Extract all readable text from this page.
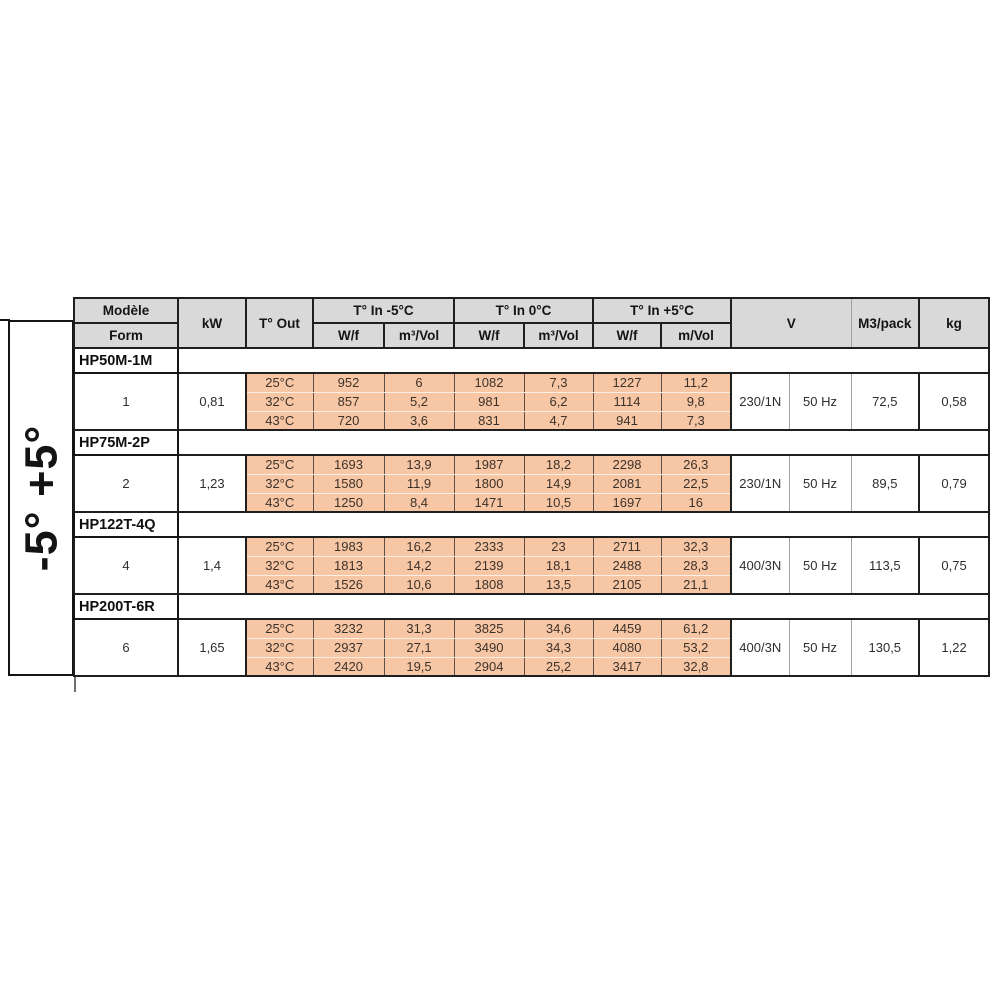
-5° +5°
Modèle	kW	T° Out	T° In -5°C		T° In 0°C		T° In +5°C		V		M3/pack	kg
Form			W/f	m³/Vol	W/f	m³/Vol	W/f	m/Vol				
HP50M-1M												
1	0,81	25°C	952	6	1082	7,3	1227	11,2	230/1N	50 Hz	72,5	0,58
		32°C	857	5,2	981	6,2	1114	9,8				
		43°C	720	3,6	831	4,7	941	7,3				
HP75M-2P												
2	1,23	25°C	1693	13,9	1987	18,2	2298	26,3	230/1N	50 Hz	89,5	0,79
		32°C	1580	11,9	1800	14,9	2081	22,5				
		43°C	1250	8,4	1471	10,5	1697	16				
HP122T-4Q												
4	1,4	25°C	1983	16,2	2333	23	2711	32,3	400/3N	50 Hz	113,5	0,75
		32°C	1813	14,2	2139	18,1	2488	28,3				
		43°C	1526	10,6	1808	13,5	2105	21,1				
HP200T-6R												
6	1,65	25°C	3232	31,3	3825	34,6	4459	61,2	400/3N	50 Hz	130,5	1,22
		32°C	2937	27,1	3490	34,3	4080	53,2				
		43°C	2420	19,5	2904	25,2	3417	32,8				
